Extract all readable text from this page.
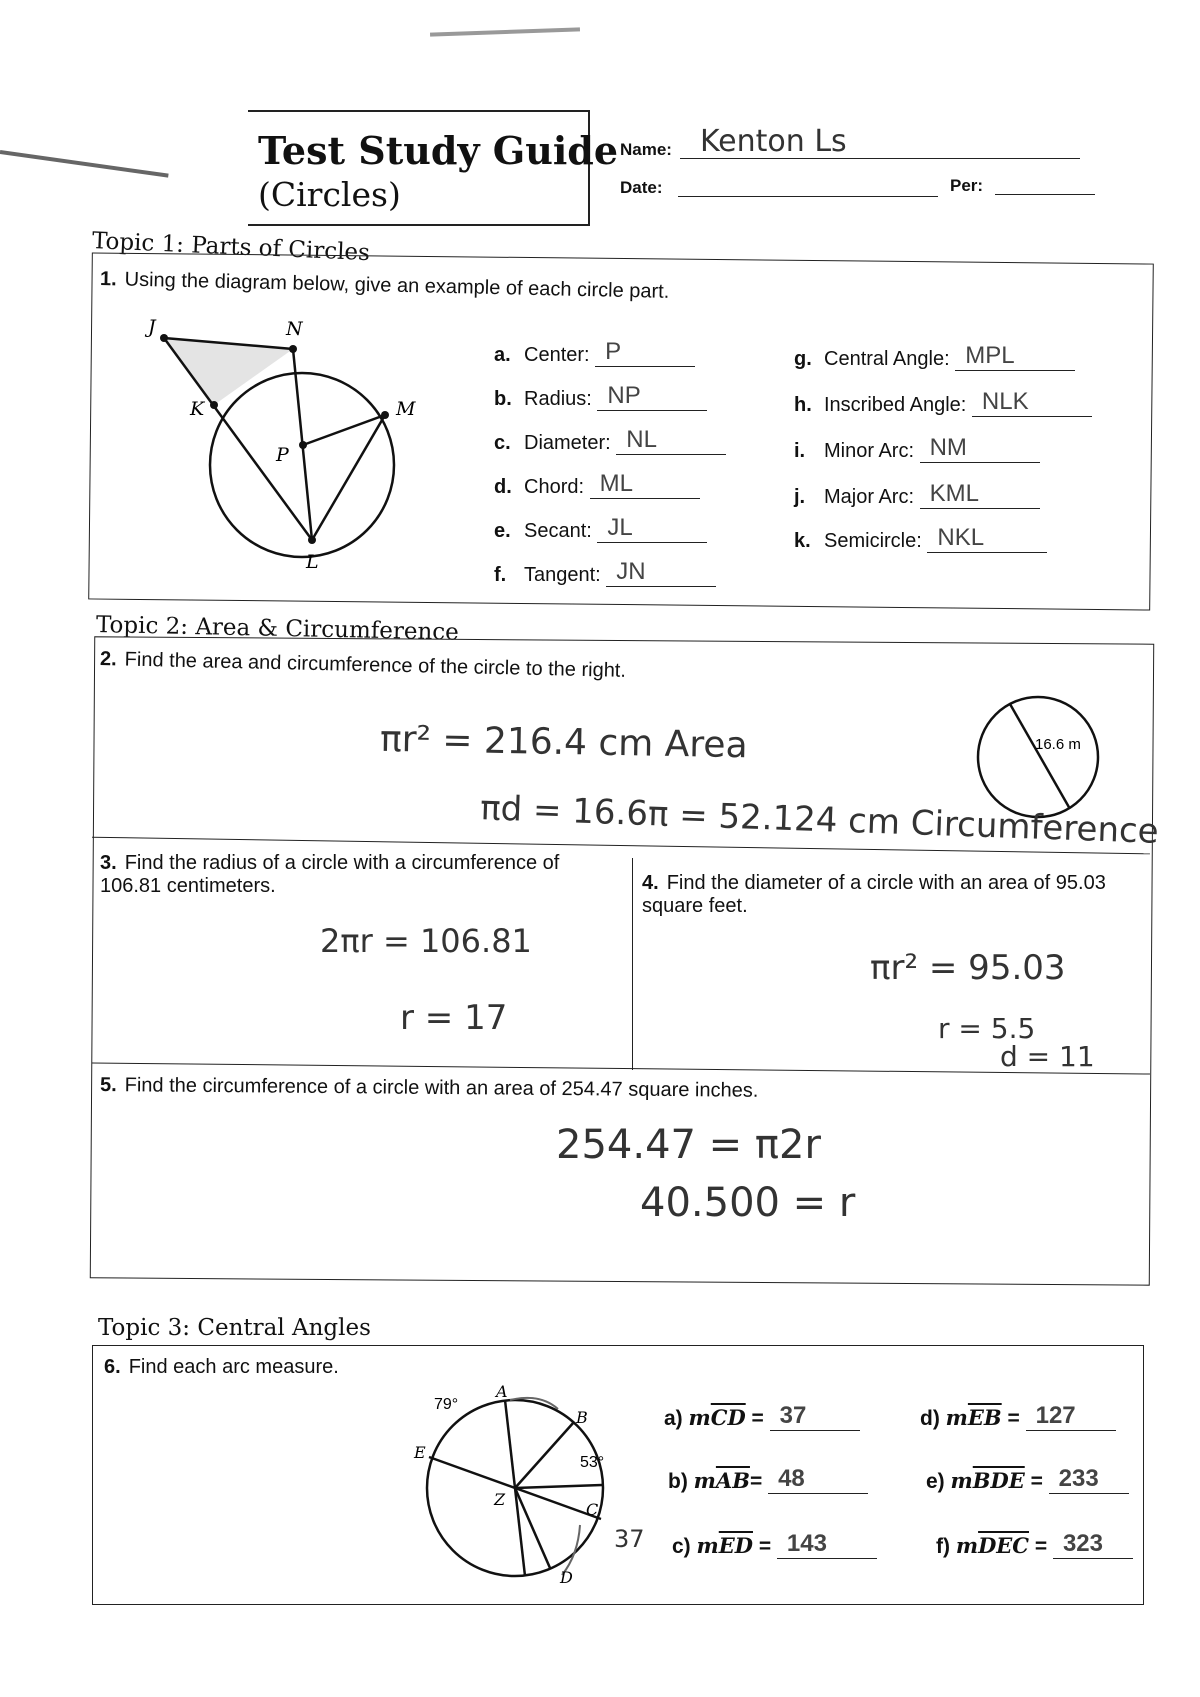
Test Study Guide
(Circles)
Name: Kenton Ls
Date:	Per:
Topic 1: Parts of Circles
1. Using the diagram below, give an example of each circle part.
J	N
K	M
P
L
a. Center: P
b. Radius: NP
c. Diameter: NL
d. Chord: ML
e. Secant: JL
f. Tangent: JN
g. Central Angle: MPL
h. Inscribed Angle: NLK
i. Minor Arc: NM
j. Major Arc: KML
k. Semicircle: NKL
Topic 2: Area & Circumference
2. Find the area and circumference of the circle to the right.
16.6 m
πr² = 216.4 cm Area
πd = 16.6π = 52.124 cm Circumference
3. Find the radius of a circle with a circumference of 106.81 centimeters.
2πr = 106.81
r = 17
4. Find the diameter of a circle with an area of 95.03 square feet.
πr² = 95.03
r = 5.5
d = 11
5. Find the circumference of a circle with an area of 254.47 square inches.
254.47 = π2r
40.500 = r
Topic 3: Central Angles
6. Find each arc measure.
79°
A
B
E
53°
Z
C
D
37
a) $m\overline{CD} = 37$
b) $m\overline{AB}= 48$
c) $m\overline{ED} = 143$
d) $m\overline{EB} = 127$
e) $m\overline{BDE} = 233$
f) $m\overline{DEC} = 323$
